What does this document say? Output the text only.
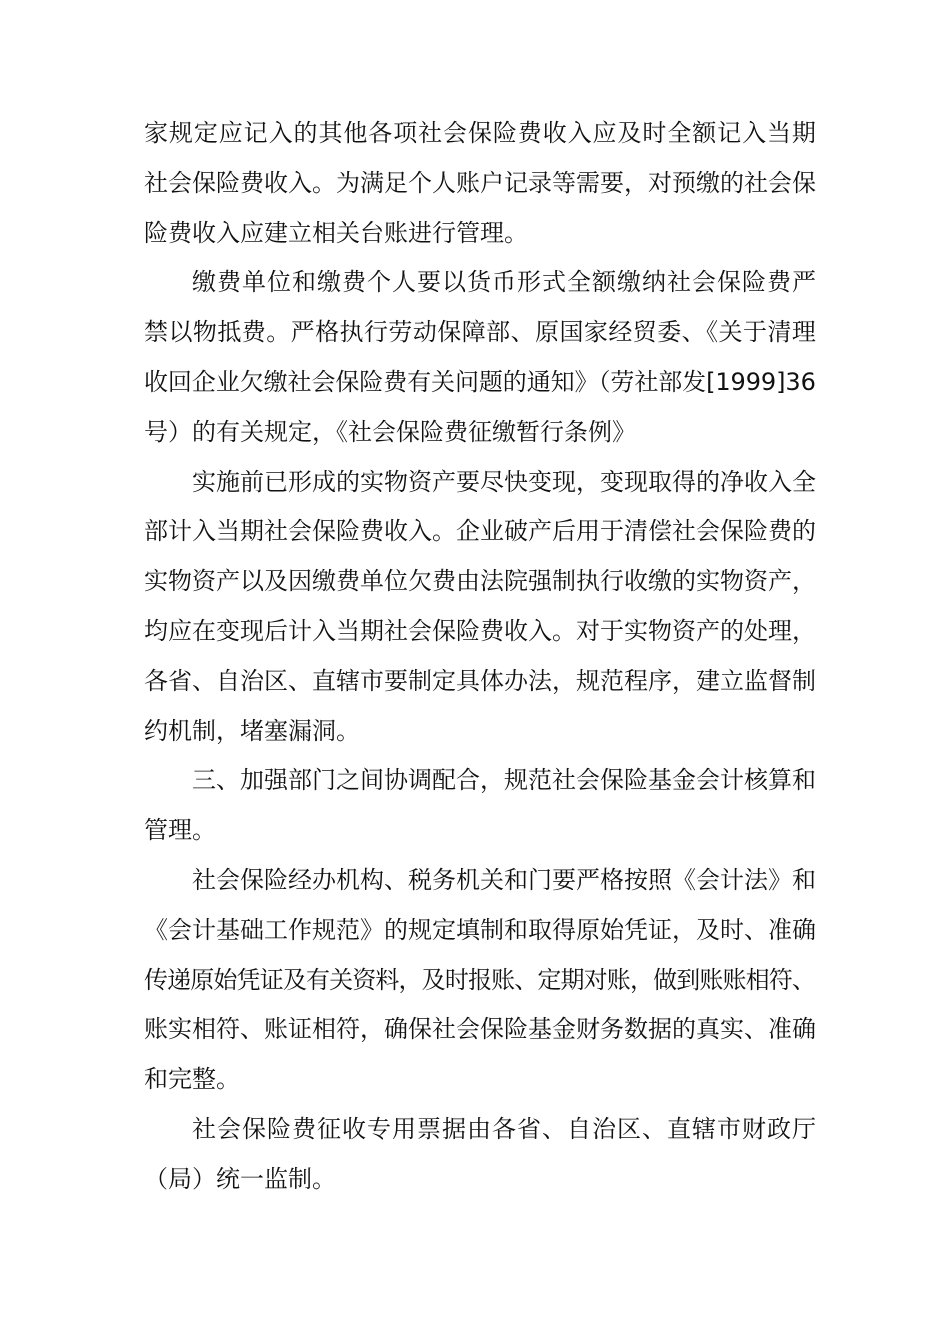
家规定应记入的其他各项社会保险费收入应及时全额记入当期
社会保险费收入。为满足个人账户记录等需要，对预缴的社会保
险费收入应建立相关台账进行管理。
缴费单位和缴费个人要以货币形式全额缴纳社会保险费严
禁以物抵费。严格执行劳动保障部、原国家经贸委、《关于清理
收回企业欠缴社会保险费有关问题的通知》（劳社部发[1999]36
号）的有关规定，《社会保险费征缴暂行条例》
实施前已形成的实物资产要尽快变现，变现取得的净收入全
部计入当期社会保险费收入。企业破产后用于清偿社会保险费的
实物资产以及因缴费单位欠费由法院强制执行收缴的实物资产，
均应在变现后计入当期社会保险费收入。对于实物资产的处理，
各省、自治区、直辖市要制定具体办法，规范程序，建立监督制
约机制，堵塞漏洞。
三、加强部门之间协调配合，规范社会保险基金会计核算和
管理。
社会保险经办机构、税务机关和门要严格按照《会计法》和
《会计基础工作规范》的规定填制和取得原始凭证，及时、准确
传递原始凭证及有关资料，及时报账、定期对账，做到账账相符、
账实相符、账证相符，确保社会保险基金财务数据的真实、准确
和完整。
社会保险费征收专用票据由各省、自治区、直辖市财政厅
（局）统一监制。
